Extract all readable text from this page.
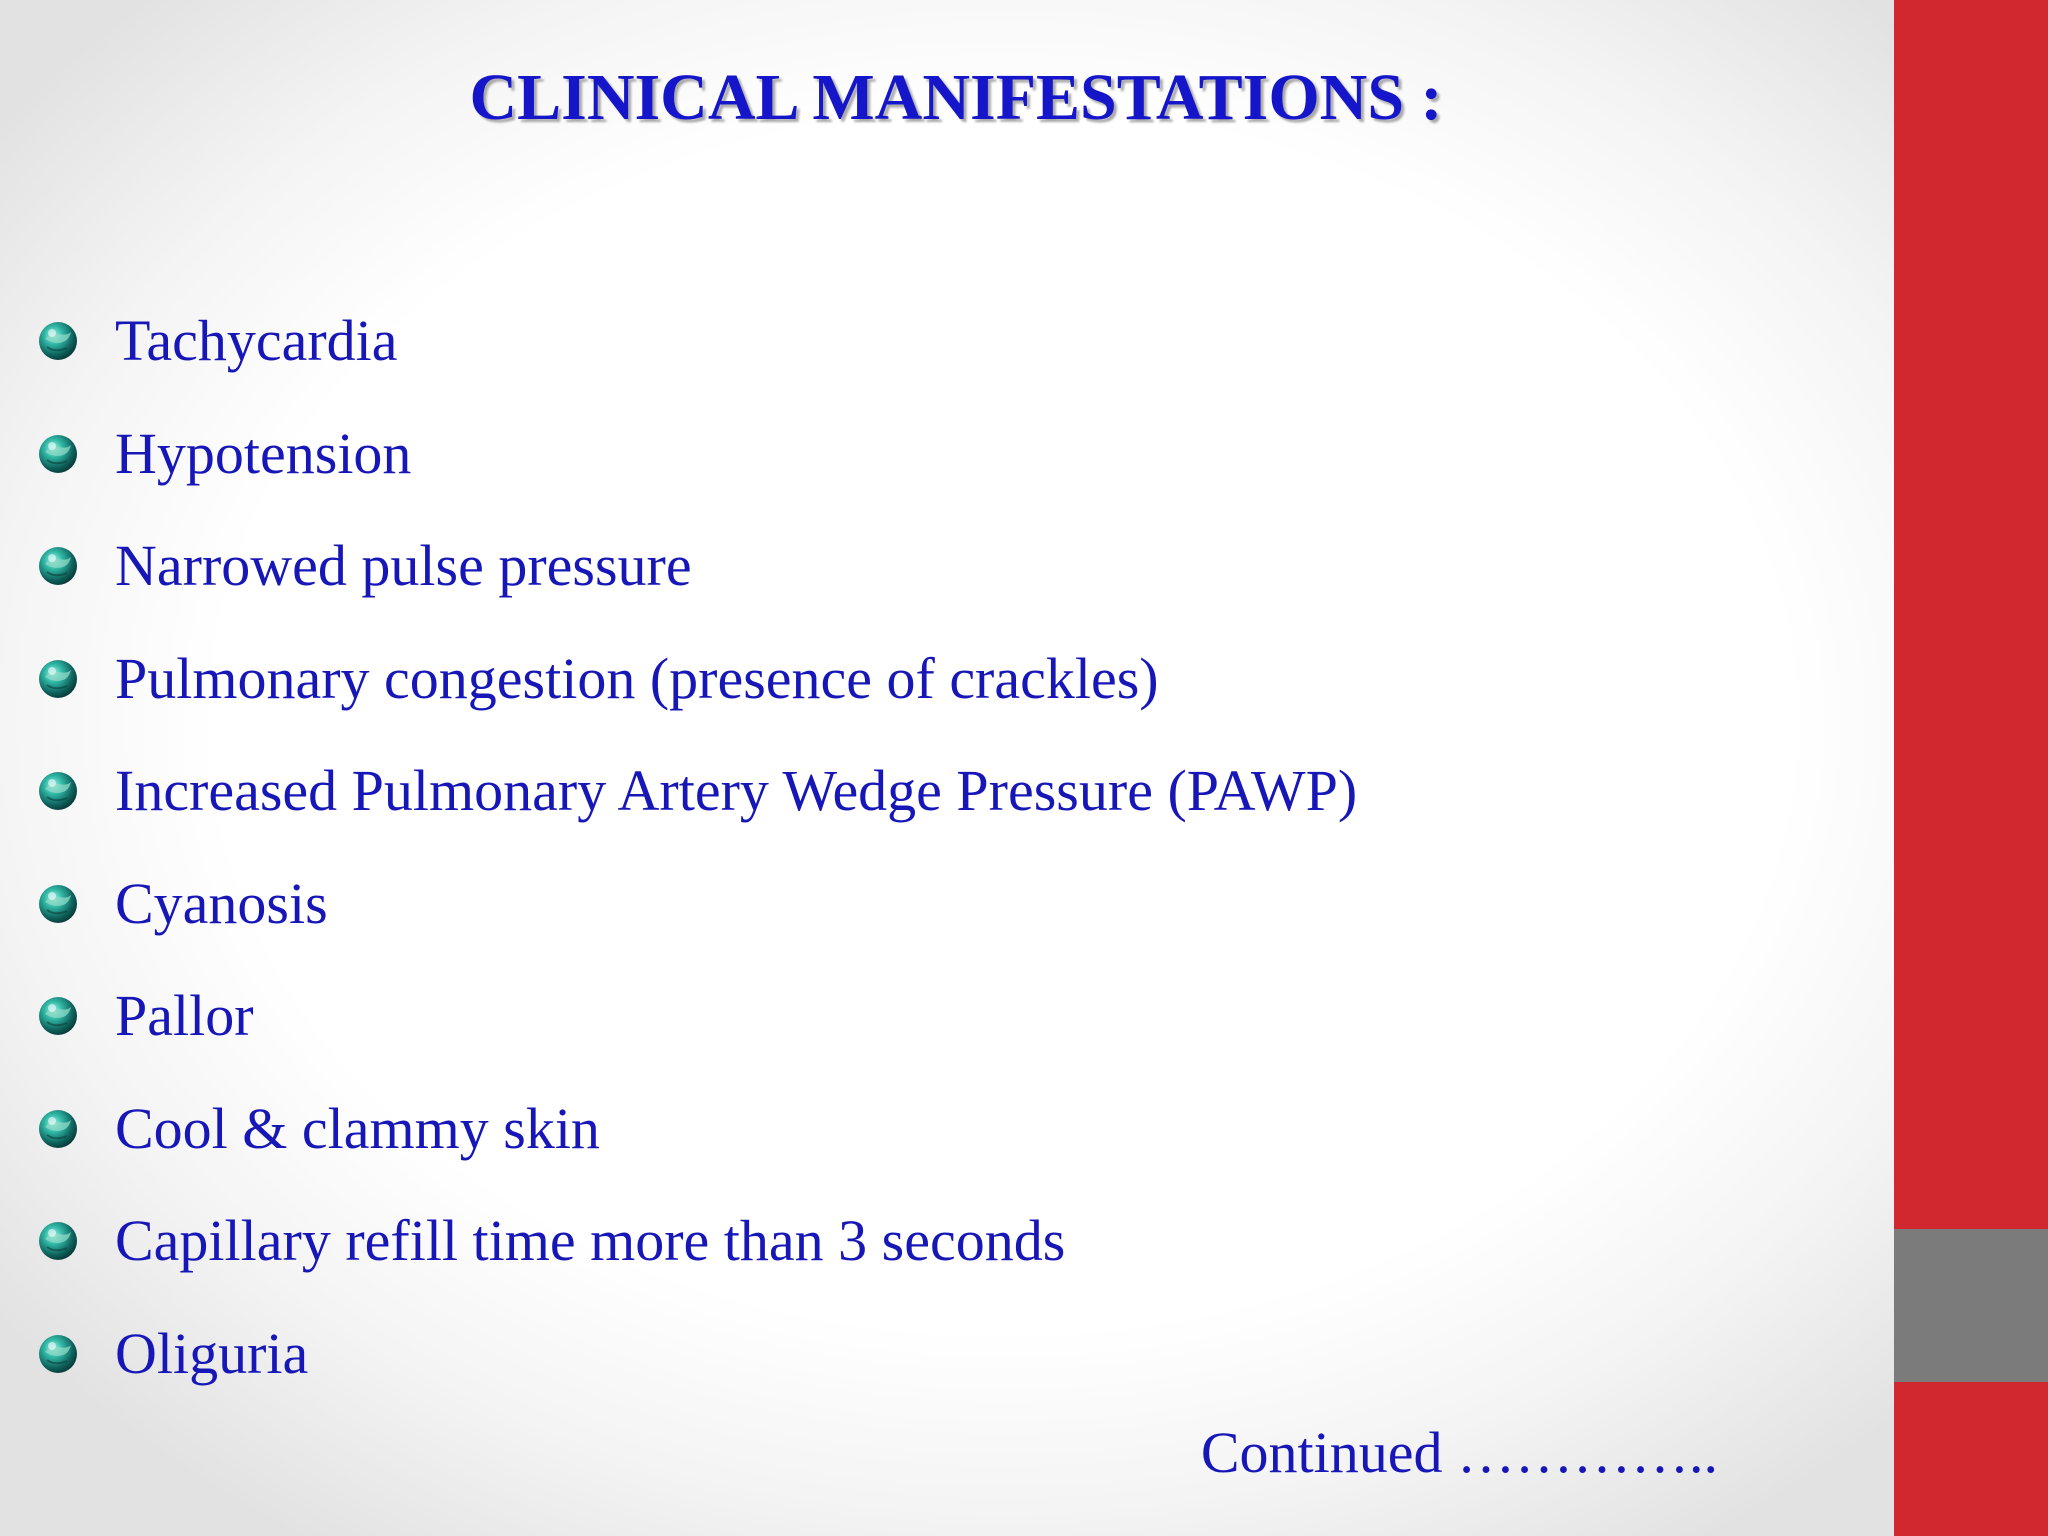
CLINICAL MANIFESTATIONS :
Tachycardia
Hypotension
Narrowed pulse pressure
Pulmonary congestion (presence of crackles)
Increased Pulmonary Artery Wedge Pressure (PAWP)
Cyanosis
Pallor
Cool & clammy skin
Capillary refill time more than 3 seconds
Oliguria
Continued …………..
